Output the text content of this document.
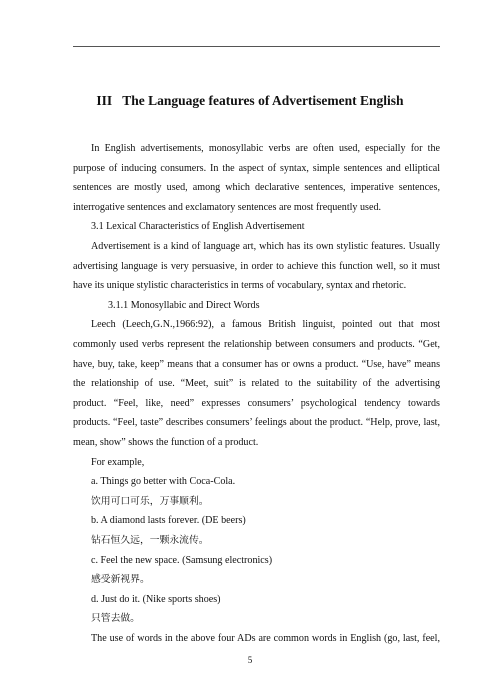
III The Language features of Advertisement English
In English advertisements, monosyllabic verbs are often used, especially for the
purpose of inducing consumers. In the aspect of syntax, simple sentences and elliptical
sentences are mostly used, among which declarative sentences, imperative sentences,
interrogative sentences and exclamatory sentences are most frequently used.
3.1 Lexical Characteristics of English Advertisement
Advertisement is a kind of language art, which has its own stylistic features. Usually
advertising language is very persuasive, in order to achieve this function well, so it must
have its unique stylistic characteristics in terms of vocabulary, syntax and rhetoric.
3.1.1 Monosyllabic and Direct Words
Leech (Leech,G.N.,1966:92), a famous British linguist, pointed out that most
commonly used verbs represent the relationship between consumers and products. “Get,
have, buy, take, keep” means that a consumer has or owns a product. “Use, have” means
the relationship of use. “Meet, suit” is related to the suitability of the advertising
product. “Feel, like, need” expresses consumers’ psychological tendency towards
products. “Feel, taste” describes consumers’ feelings about the product. “Help, prove, last,
mean, show” shows the function of a product.
For example,
a. Things go better with Coca-Cola.
饮用可口可乐，万事顺利。
b. A diamond lasts forever. (DE beers)
5
钻石恒久远，一颗永流传。
c. Feel the new space. (Samsung electronics)
感受新视界。
d. Just do it. (Nike sports shoes)
只管去做。
The use of words in the above four ADs are common words in English (go, last, feel,
